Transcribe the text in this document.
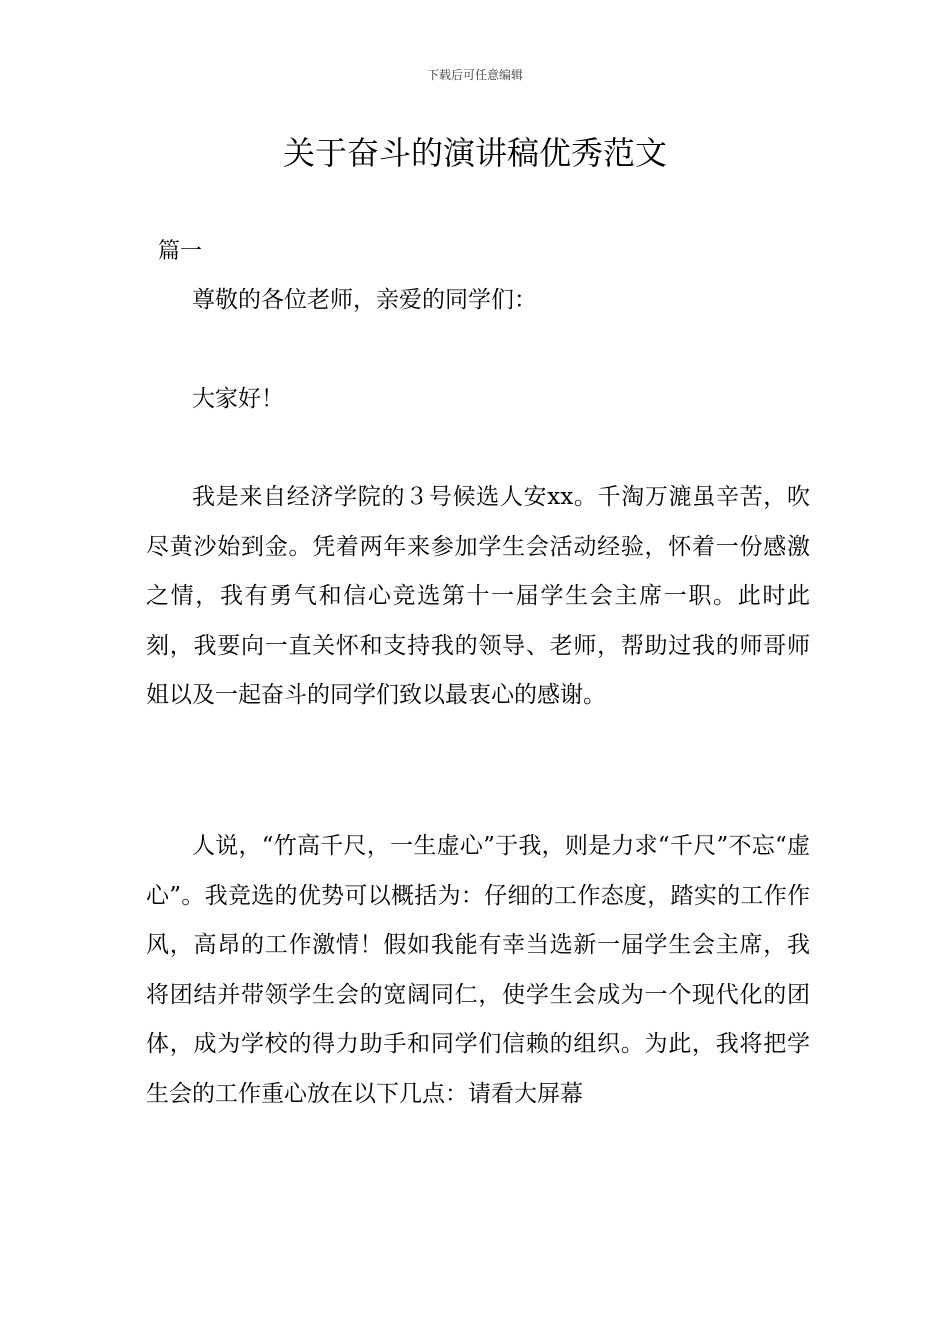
下载后可任意编辑
关于奋斗的演讲稿优秀范文

篇一

尊敬的各位老师，亲爱的同学们：

大家好！

我是来自经济学院的３号候选人安xx。千淘万漉虽辛苦，吹尽黄沙始到金。凭着两年来参加学生会活动经验，怀着一份感激之情，我有勇气和信心竞选第十一届学生会主席一职。此时此刻，我要向一直关怀和支持我的领导、老师，帮助过我的师哥师姐以及一起奋斗的同学们致以最衷心的感谢。

人说，“竹高千尺，一生虚心”于我，则是力求“千尺”不忘“虚心”。我竞选的优势可以概括为：仔细的工作态度，踏实的工作作风，高昂的工作激情！假如我能有幸当选新一届学生会主席，我将团结并带领学生会的宽阔同仁，使学生会成为一个现代化的团体，成为学校的得力助手和同学们信赖的组织。为此，我将把学生会的工作重心放在以下几点：请看大屏幕
